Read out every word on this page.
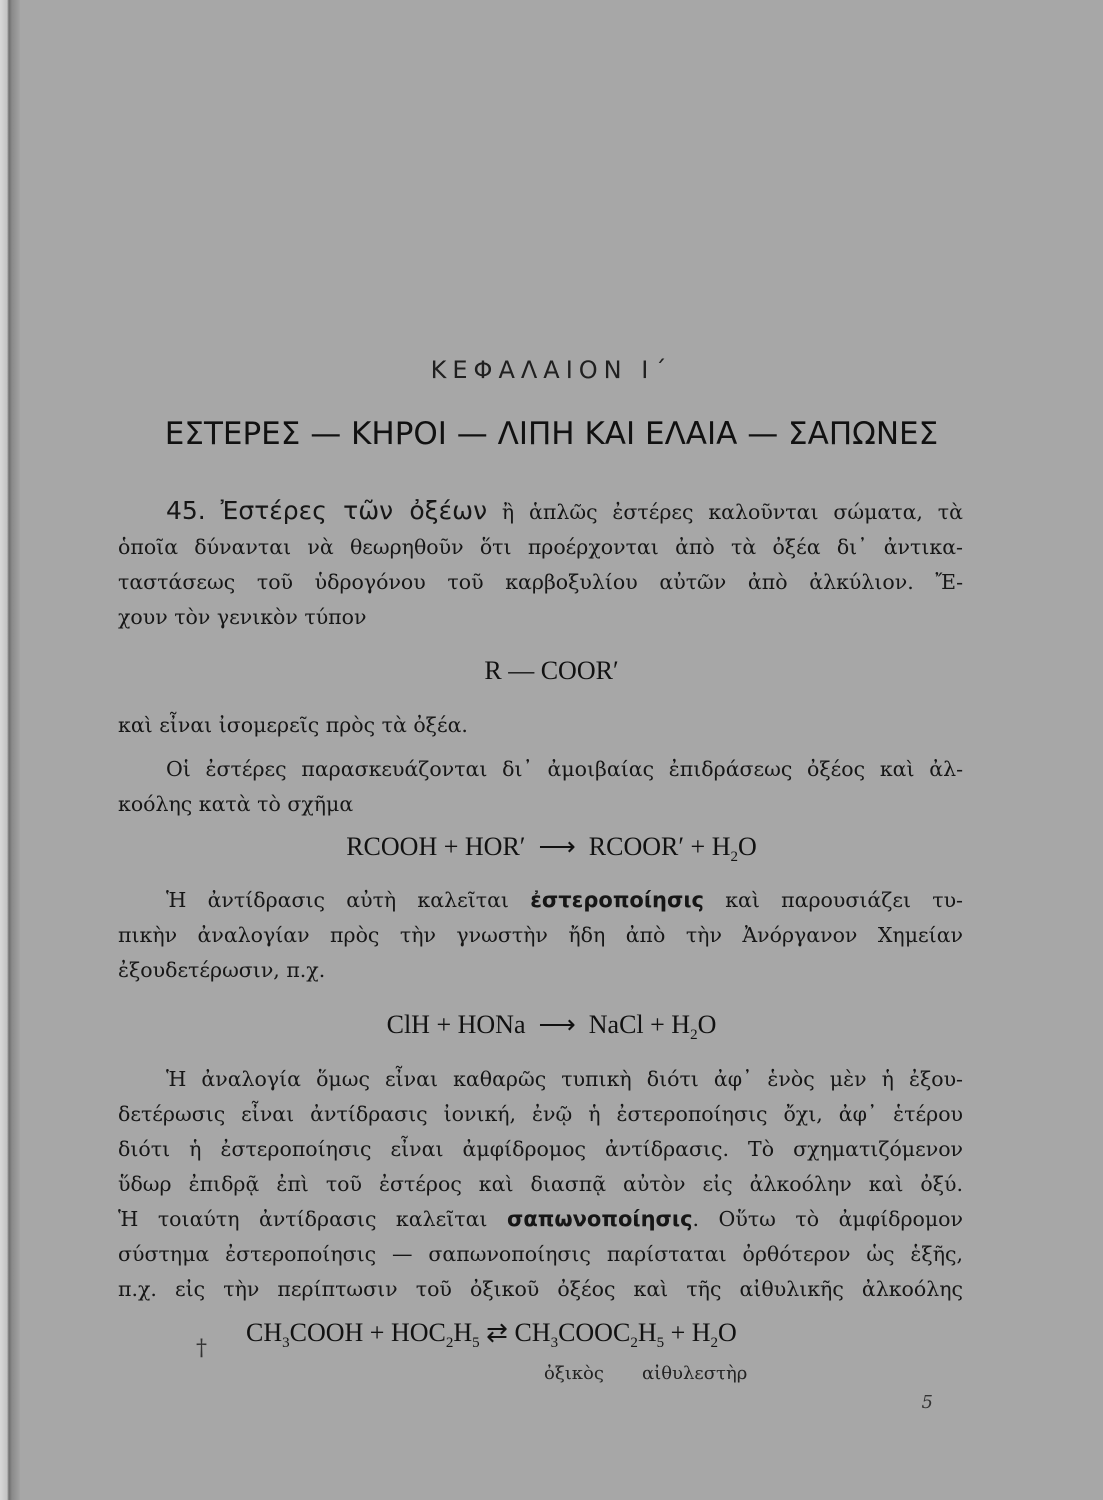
ΚΕΦΑΛΑΙΟΝ Ι΄
ΕΣΤΕΡΕΣ — ΚΗΡΟΙ — ΛΙΠΗ ΚΑΙ ΕΛΑΙΑ — ΣΑΠΩΝΕΣ
45. Ἐστέρες τῶν ὀξέων ἢ ἁπλῶς ἐστέρες καλοῦνται σώματα, τὰ
ὁποῖα δύνανται νὰ θεωρηθοῦν ὅτι προέρχονται ἀπὸ τὰ ὀξέα δι᾽ ἀντικα-
ταστάσεως τοῦ ὑδρογόνου τοῦ καρβοξυλίου αὐτῶν ἀπὸ ἀλκύλιον. Ἔ-
χουν τὸν γενικὸν τύπον
R — COOR′
καὶ εἶναι ἰσομερεῖς πρὸς τὰ ὀξέα.
Οἱ ἐστέρες παρασκευάζονται δι᾽ ἀμοιβαίας ἐπιδράσεως ὀξέος καὶ ἀλ-
κοόλης κατὰ τὸ σχῆμα
RCOOH + HOR′ ⟶ RCOOR′ + $H_2O$
Ἡ ἀντίδρασις αὐτὴ καλεῖται ἐστεροποίησις καὶ παρουσιάζει τυ-
πικὴν ἀναλογίαν πρὸς τὴν γνωστὴν ἤδη ἀπὸ τὴν Ἀνόργανον Χημείαν
ἐξουδετέρωσιν, π.χ.
ClH + HONa ⟶ NaCl + $H_2O$
Ἡ ἀναλογία ὅμως εἶναι καθαρῶς τυπικὴ διότι ἀφ᾽ ἑνὸς μὲν ἡ ἐξου-
δετέρωσις εἶναι ἀντίδρασις ἰονική, ἐνῷ ἡ ἐστεροποίησις ὄχι, ἀφ᾽ ἑτέρου
διότι ἡ ἐστεροποίησις εἶναι ἀμφίδρομος ἀντίδρασις. Τὸ σχηματιζόμενον
ὕδωρ ἐπιδρᾷ ἐπὶ τοῦ ἐστέρος καὶ διασπᾷ αὐτὸν εἰς ἀλκοόλην καὶ ὀξύ.
Ἡ τοιαύτη ἀντίδρασις καλεῖται σαπωνοποίησις. Οὕτω τὸ ἀμφίδρομον
σύστημα ἐστεροποίησις — σαπωνοποίησις παρίσταται ὀρθότερον ὡς ἑξῆς,
π.χ. εἰς τὴν περίπτωσιν τοῦ ὀξικοῦ ὀξέος καὶ τῆς αἰθυλικῆς ἀλκοόλης
†
$CH_3COOH + HOC_2H_5$ ⇄ $CH_3COOC_2H_5 + H_2O$
ὀξικὸς αἰθυλεστὴρ
5
